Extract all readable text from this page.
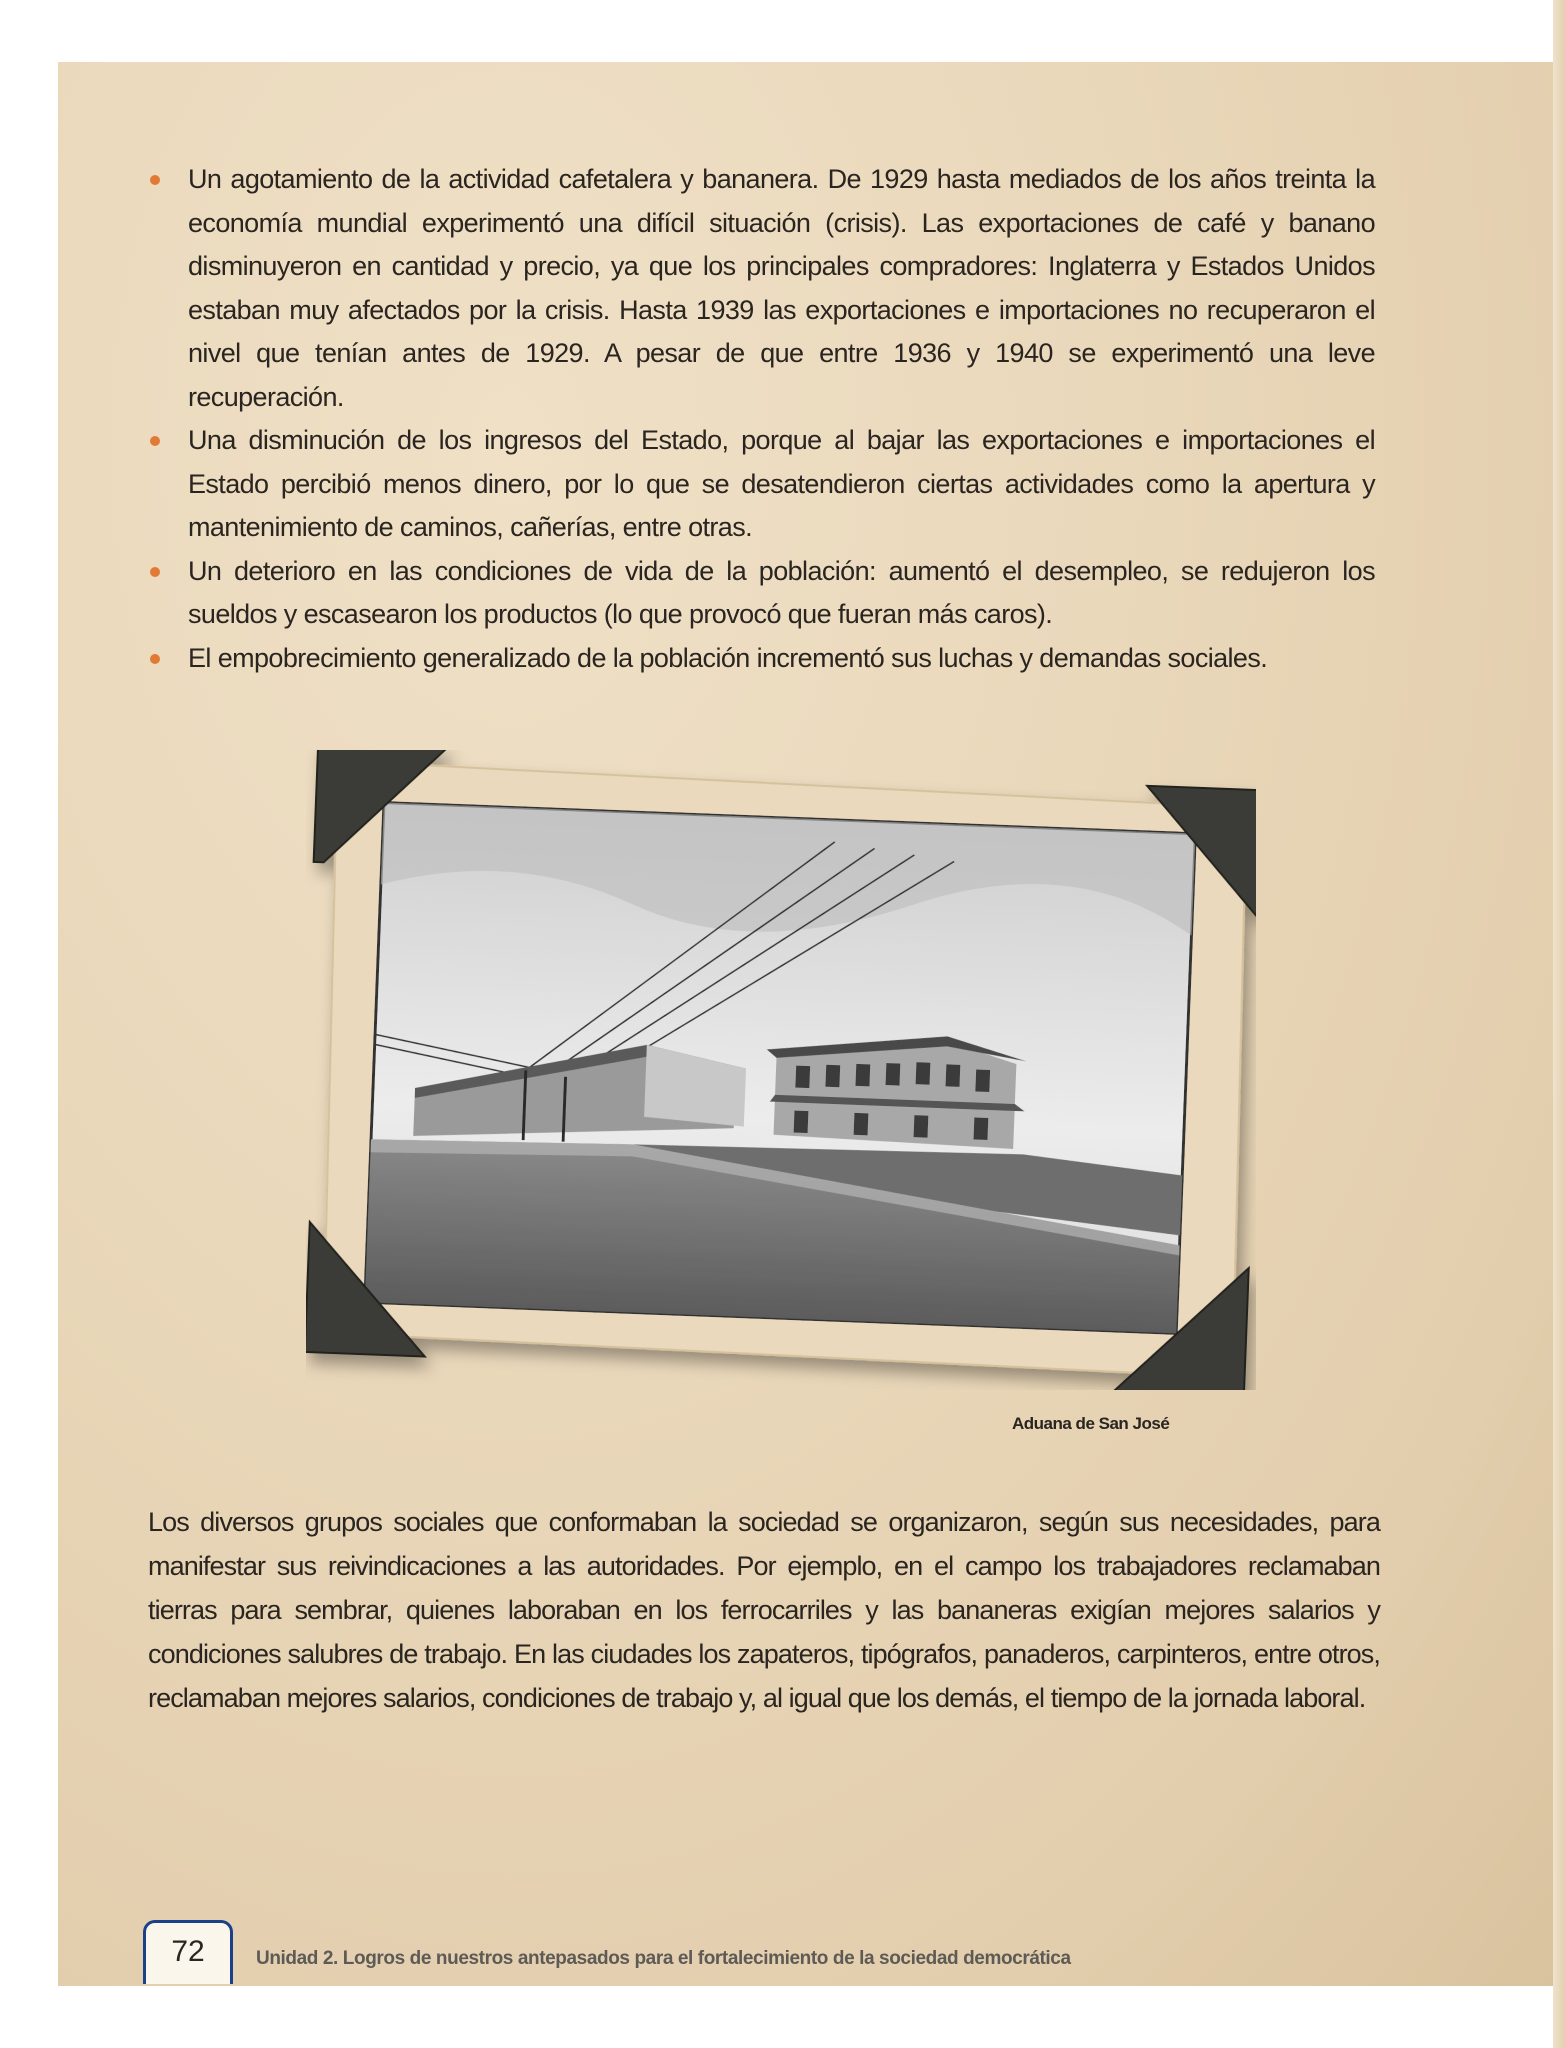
Un agotamiento de la actividad cafetalera y bananera. De 1929 hasta mediados de los años treinta la economía mundial experimentó una difícil situación (crisis). Las exportaciones de café y banano disminuyeron en cantidad y precio, ya que los principales compradores: Inglaterra y Estados Unidos estaban muy afectados por la crisis. Hasta 1939 las exportaciones e importaciones no recuperaron el nivel que tenían antes de 1929. A pesar de que entre 1936 y 1940 se experimentó una leve recuperación.
Una disminución de los ingresos del Estado, porque al bajar las exportaciones e importaciones el Estado percibió menos dinero, por lo que se desatendieron ciertas actividades como la apertura y mantenimiento de caminos, cañerías, entre otras.
Un deterioro en las condiciones de vida de la población: aumentó el desempleo, se redujeron los sueldos y escasearon los productos (lo que provocó que fueran más caros).
El empobrecimiento generalizado de la población incrementó sus luchas y demandas sociales.
Aduana de San José

Los diversos grupos sociales que conformaban la sociedad se organizaron, según sus necesidades, para manifestar sus reivindicaciones a las autoridades. Por ejemplo, en el campo los trabajadores reclamaban tierras para sembrar, quienes laboraban en los ferrocarriles y las bananeras exigían mejores salarios y condiciones salubres de trabajo. En las ciudades los zapateros, tipógrafos, panaderos, carpinteros, entre otros, reclamaban mejores salarios, condiciones de trabajo y, al igual que los demás, el tiempo de la jornada laboral.

72	Unidad 2. Logros de nuestros antepasados para el fortalecimiento de la sociedad democrática
